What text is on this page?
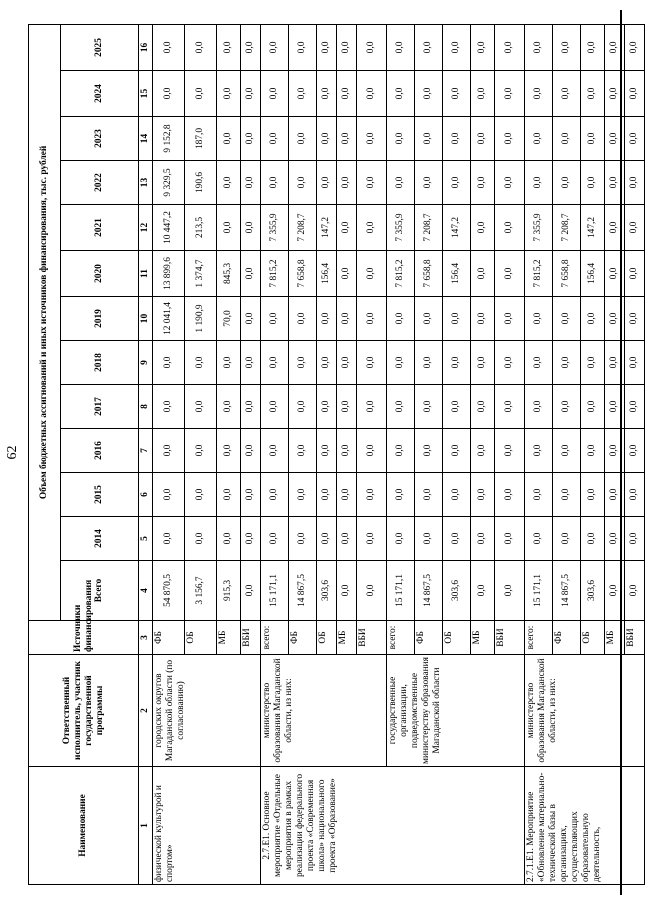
62
Наименование	Ответственный исполнитель, участник государственной программы	Источники финансирования	Объем бюджетных ассигнований и иных источников финансирования, тыс. рублей												
			Всего	2014	2015	2016	2017	2018	2019	2020	2021	2022	2023	2024	2025
1	2	3	4	5	6	7	8	9	10	11	12	13	14	15	16
физической культурой и спортом»	городских округов Магаданской области (по согласованию)	ФБ	54 870,5	0,0	0,0	0,0	0,0	0,0	12 041,4	13 899,6	10 447,2	9 329,5	9 152,8	0,0	0,0
		ОБ	3 156,7	0,0	0,0	0,0	0,0	0,0	1 190,9	1 374,7	213,5	190,6	187,0	0,0	0,0
		МБ	915,3	0,0	0,0	0,0	0,0	0,0	70,0	845,3	0,0	0,0	0,0	0,0	0,0
		ВБИ	0,0	0,0	0,0	0,0	0,0	0,0	0,0	0,0	0,0	0,0	0,0	0,0	0,0
2.7.Е1. Основное мероприятие «Отдельные мероприятия в рамках реализации федерального проекта «Современная школа» национального проекта «Образование»	министерство образования Магаданской области, из них:	всего:	15 171,1	0,0	0,0	0,0	0,0	0,0	0,0	7 815,2	7 355,9	0,0	0,0	0,0	0,0
		ФБ	14 867,5	0,0	0,0	0,0	0,0	0,0	0,0	7 658,8	7 208,7	0,0	0,0	0,0	0,0
		ОБ	303,6	0,0	0,0	0,0	0,0	0,0	0,0	156,4	147,2	0,0	0,0	0,0	0,0
		МБ	0,0	0,0	0,0	0,0	0,0	0,0	0,0	0,0	0,0	0,0	0,0	0,0	0,0
		ВБИ	0,0	0,0	0,0	0,0	0,0	0,0	0,0	0,0	0,0	0,0	0,0	0,0	0,0
	государственные организации, подведомственные министерству образования Магаданской области	всего:	15 171,1	0,0	0,0	0,0	0,0	0,0	0,0	7 815,2	7 355,9	0,0	0,0	0,0	0,0
		ФБ	14 867,5	0,0	0,0	0,0	0,0	0,0	0,0	7 658,8	7 208,7	0,0	0,0	0,0	0,0
		ОБ	303,6	0,0	0,0	0,0	0,0	0,0	0,0	156,4	147,2	0,0	0,0	0,0	0,0
		МБ	0,0	0,0	0,0	0,0	0,0	0,0	0,0	0,0	0,0	0,0	0,0	0,0	0,0
		ВБИ	0,0	0,0	0,0	0,0	0,0	0,0	0,0	0,0	0,0	0,0	0,0	0,0	0,0
2.7.1.Е1. Мероприятие «Обновление материально-технической базы в организациях, осуществляющих образовательную деятельность,	министерство образования Магаданской области, из них:	всего:	15 171,1	0,0	0,0	0,0	0,0	0,0	0,0	7 815,2	7 355,9	0,0	0,0	0,0	0,0
		ФБ	14 867,5	0,0	0,0	0,0	0,0	0,0	0,0	7 658,8	7 208,7	0,0	0,0	0,0	0,0
		ОБ	303,6	0,0	0,0	0,0	0,0	0,0	0,0	156,4	147,2	0,0	0,0	0,0	0,0
		МБ	0,0	0,0	0,0	0,0	0,0	0,0	0,0	0,0	0,0	0,0	0,0	0,0	0,0
		ВБИ	0,0	0,0	0,0	0,0	0,0	0,0	0,0	0,0	0,0	0,0	0,0	0,0	0,0
